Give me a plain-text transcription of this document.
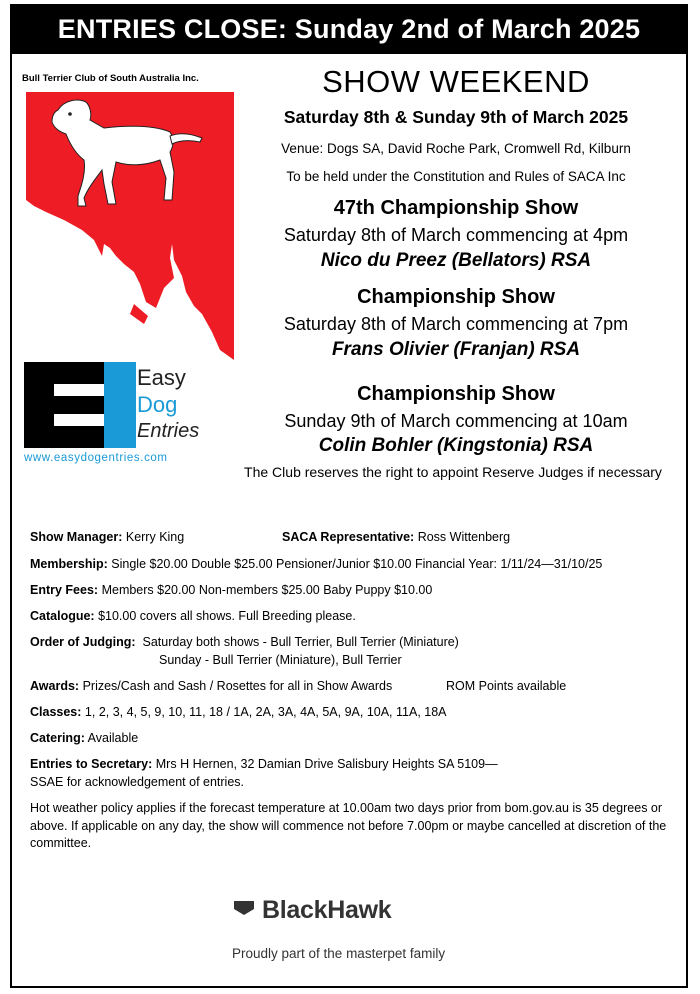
ENTRIES CLOSE: Sunday 2nd of March 2025
Bull Terrier Club of South Australia Inc.
Easy
Dog
Entries
www.easydogentries.com
SHOW WEEKEND
Saturday 8th & Sunday 9th of March 2025
Venue: Dogs SA, David Roche Park, Cromwell Rd, Kilburn
To be held under the Constitution and Rules of SACA Inc
47th Championship Show
Saturday 8th of March commencing at 4pm
Nico du Preez (Bellators) RSA
Championship Show
Saturday 8th of March commencing at 7pm
Frans Olivier (Franjan) RSA
Championship Show
Sunday 9th of March commencing at 10am
Colin Bohler (Kingstonia) RSA
The Club reserves the right to appoint Reserve Judges if necessary
Show Manager: Kerry King	SACA Representative: Ross Wittenberg
Membership: Single $20.00 Double $25.00 Pensioner/Junior $10.00 Financial Year: 1/11/24—31/10/25
Entry Fees: Members $20.00 Non-members $25.00 Baby Puppy $10.00
Catalogue: $10.00 covers all shows. Full Breeding please.
Order of Judging: Saturday both shows - Bull Terrier, Bull Terrier (Miniature)
Sunday - Bull Terrier (Miniature), Bull Terrier
Awards: Prizes/Cash and Sash / Rosettes for all in Show Awards	ROM Points available
Classes: 1, 2, 3, 4, 5, 9, 10, 11, 18 / 1A, 2A, 3A, 4A, 5A, 9A, 10A, 11A, 18A
Catering: Available
Entries to Secretary: Mrs H Hernen, 32 Damian Drive Salisbury Heights SA 5109—
SSAE for acknowledgement of entries.
Hot weather policy applies if the forecast temperature at 10.00am two days prior from bom.gov.au is 35 degrees or above. If applicable on any day, the show will commence not before 7.00pm or maybe cancelled at discretion of the committee.
BlackHawk
Proudly part of the masterpet family
